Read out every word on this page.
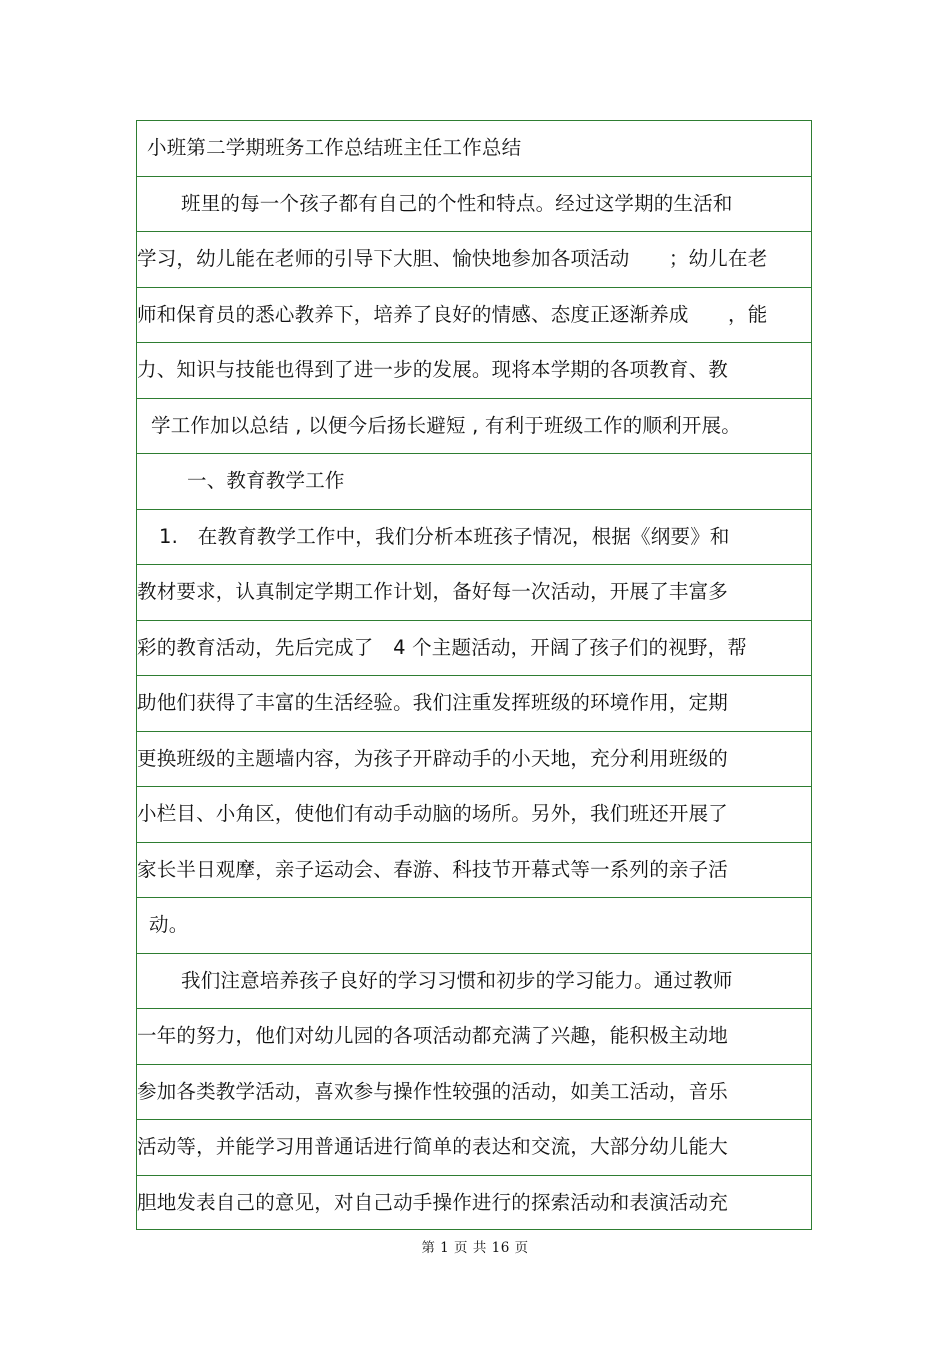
小班第二学期班务工作总结班主任工作总结
班里的每一个孩子都有自己的个性和特点。经过这学期的生活和
学习，幼儿能在老师的引导下大胆、愉快地参加各项活动　　；幼儿在老
师和保育员的悉心教养下，培养了良好的情感、态度正逐渐养成　　，能
力、知识与技能也得到了进一步的发展。现将本学期的各项教育、教
学工作加以总结 , 以便今后扬长避短 , 有利于班级工作的顺利开展。
一、教育教学工作
1.　在教育教学工作中，我们分析本班孩子情况，根据《纲要》和
教材要求，认真制定学期工作计划，备好每一次活动，开展了丰富多
彩的教育活动，先后完成了　4 个主题活动，开阔了孩子们的视野，帮
助他们获得了丰富的生活经验。我们注重发挥班级的环境作用，定期
更换班级的主题墙内容，为孩子开辟动手的小天地，充分利用班级的
小栏目、小角区，使他们有动手动脑的场所。另外，我们班还开展了
家长半日观摩，亲子运动会、春游、科技节开幕式等一系列的亲子活
动。
我们注意培养孩子良好的学习习惯和初步的学习能力。通过教师
一年的努力，他们对幼儿园的各项活动都充满了兴趣，能积极主动地
参加各类教学活动，喜欢参与操作性较强的活动，如美工活动，音乐
活动等，并能学习用普通话进行简单的表达和交流，大部分幼儿能大
胆地发表自己的意见，对自己动手操作进行的探索活动和表演活动充
第 1 页 共 16 页
